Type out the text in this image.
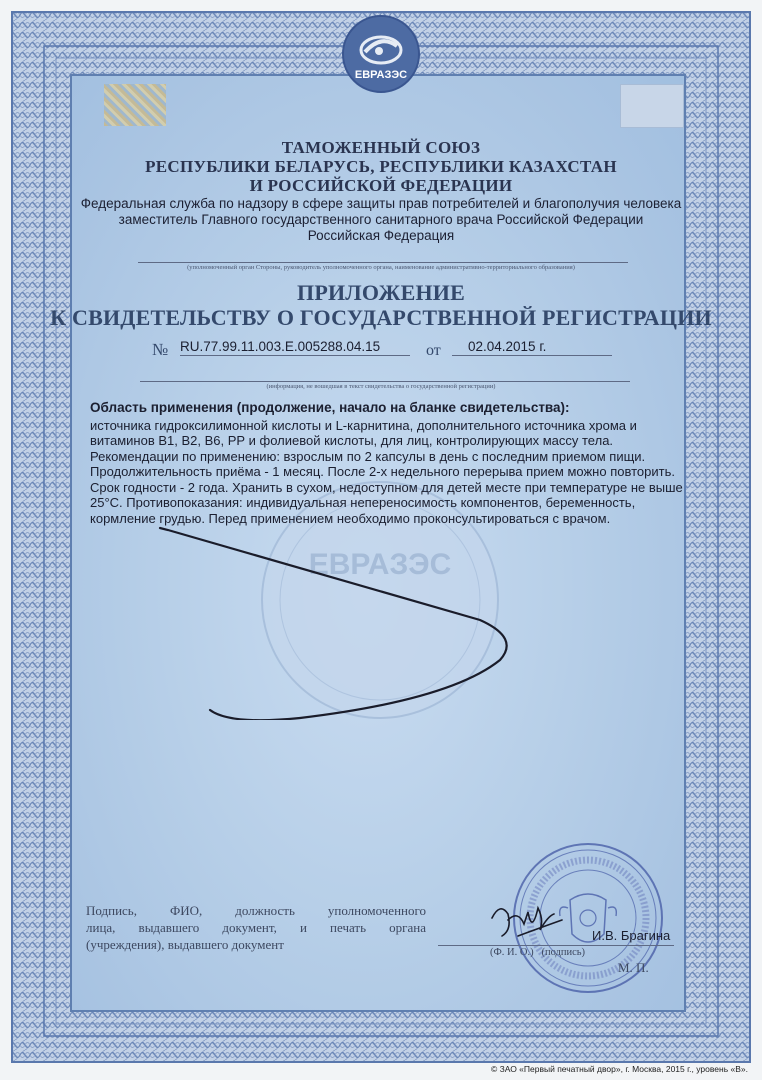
ЕВРАЗЭС
ЕВРАЗЭС
ТАМОЖЕННЫЙ СОЮЗ
РЕСПУБЛИКИ БЕЛАРУСЬ, РЕСПУБЛИКИ КАЗАХСТАН
И РОССИЙСКОЙ ФЕДЕРАЦИИ
Федеральная служба по надзору в сфере защиты прав потребителей и благополучия человека
заместитель Главного государственного санитарного врача Российской Федерации
Российская Федерация
(уполномоченный орган Стороны, руководитель уполномоченного органа, наименование административно-территориального образования)
ПРИЛОЖЕНИЕ
К СВИДЕТЕЛЬСТВУ О ГОСУДАРСТВЕННОЙ РЕГИСТРАЦИИ
№ RU.77.99.11.003.Е.005288.04.15	от	02.04.2015 г.
(информация, не вошедшая в текст свидетельства о государственной регистрации)
Область применения (продолжение, начало на бланке свидетельства):
источника гидроксилимонной кислоты и L-карнитина, дополнительного источника хрома и
витаминов В1, В2, В6, РР и фолиевой кислоты, для лиц, контролирующих массу тела.
Рекомендации по применению: взрослым по 2 капсулы в день с последним приемом пищи.
Продолжительность приёма - 1 месяц. После 2-х недельного перерыва прием можно повторить.
Срок годности - 2 года. Хранить в сухом, недоступном для детей месте при температуре не выше
25°С. Противопоказания: индивидуальная непереносимость компонентов, беременность,
кормление грудью. Перед применением необходимо проконсультироваться с врачом.
Подпись, ФИО, должность уполномоченного
лица, выдавшего документ, и печать органа
(учреждения), выдавшего документ
И.В. Брагина
(Ф. И. О.)   (подпись)
М. П.
© ЗАО «Первый печатный двор», г. Москва, 2015 г., уровень «В».
